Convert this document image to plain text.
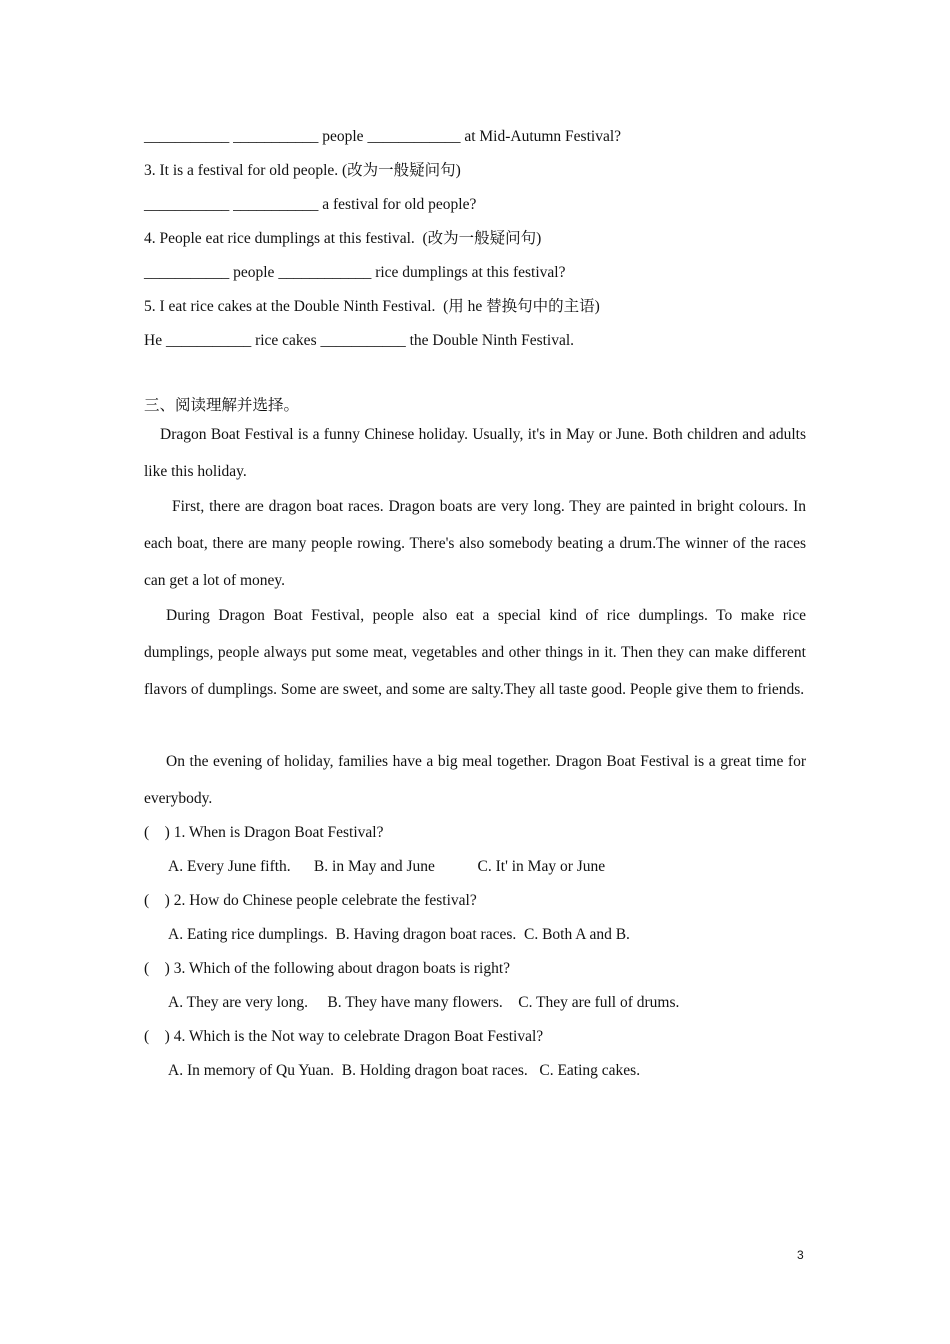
___________ ___________ people ____________ at Mid-Autumn Festival?
3. It is a festival for old people. (改为一般疑问句)
___________ ___________ a festival for old people?
4. People eat rice dumplings at this festival.  (改为一般疑问句)
___________ people ____________ rice dumplings at this festival?
5. I eat rice cakes at the Double Ninth Festival.  (用 he 替换句中的主语)
He ___________ rice cakes ___________ the Double Ninth Festival.
三、阅读理解并选择。
Dragon Boat Festival is a funny Chinese holiday. Usually, it's in May or June. Both children and adults like this holiday.
First, there are dragon boat races. Dragon boats are very long. They are painted in bright colours. In each boat, there are many people rowing. There's also somebody beating a drum.The winner of the races can get a lot of money.
During Dragon Boat Festival, people also eat a special kind of rice dumplings. To make rice dumplings, people always put some meat, vegetables and other things in it. Then they can make different flavors of dumplings. Some are sweet, and some are salty.They all taste good. People give them to friends.
On the evening of holiday, families have a big meal together. Dragon Boat Festival is a great time for everybody.
(    ) 1. When is Dragon Boat Festival?
A. Every June fifth.      B. in May and June           C. It' in May or June
(    ) 2. How do Chinese people celebrate the festival?
A. Eating rice dumplings.  B. Having dragon boat races.  C. Both A and B.
(    ) 3. Which of the following about dragon boats is right?
A. They are very long.     B. They have many flowers.    C. They are full of drums.
(    ) 4. Which is the Not way to celebrate Dragon Boat Festival?
A. In memory of Qu Yuan.  B. Holding dragon boat races.   C. Eating cakes.
3
